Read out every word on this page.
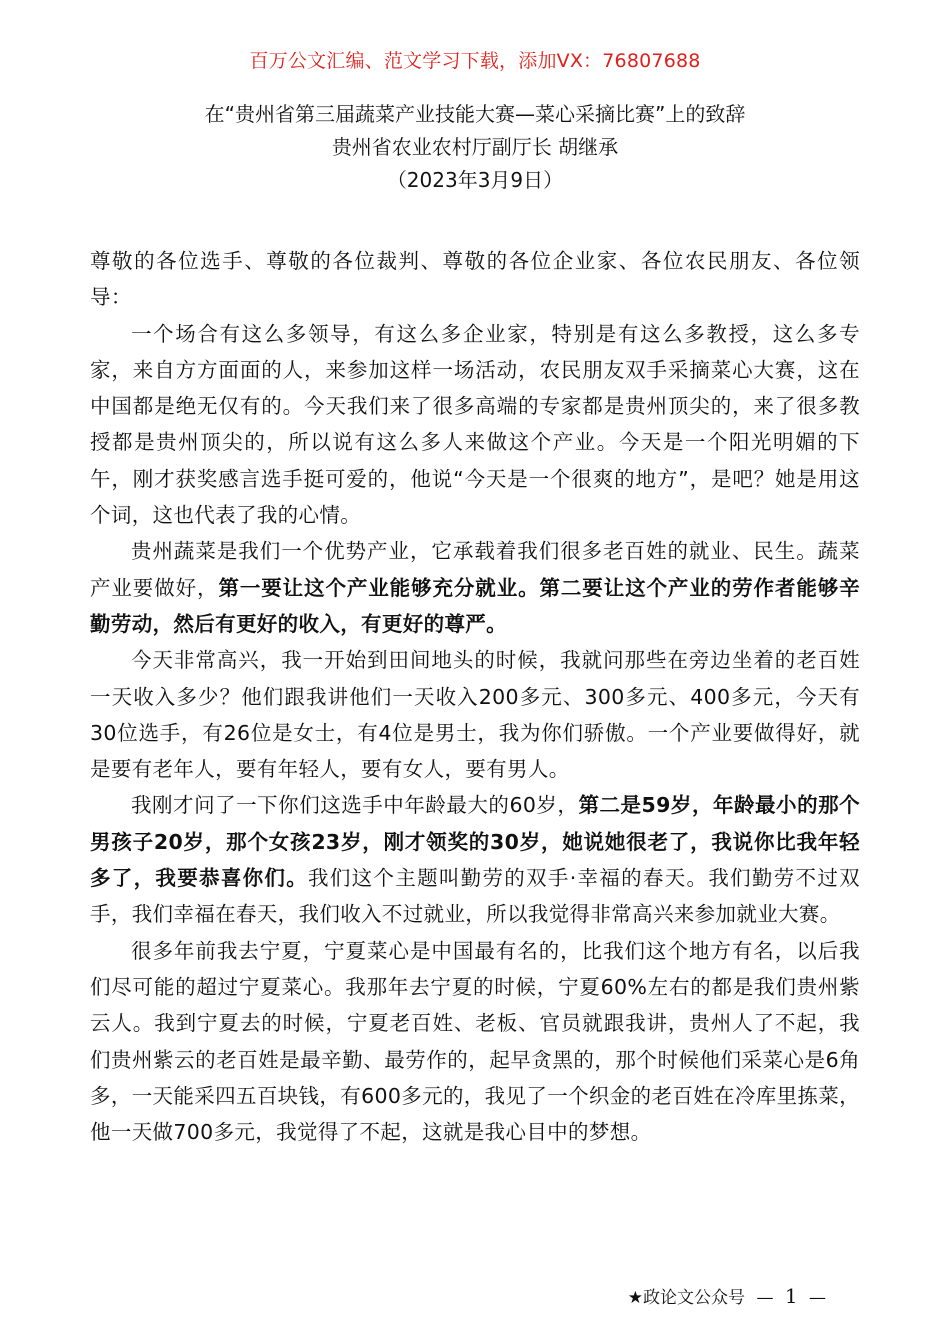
百万公文汇编、范文学习下载，添加VX：76807688
在“贵州省第三届蔬菜产业技能大赛—菜心采摘比赛”上的致辞
贵州省农业农村厅副厅长 胡继承
（2023年3月9日）

尊敬的各位选手、尊敬的各位裁判、尊敬的各位企业家、各位农民朋友、各位领导：

一个场合有这么多领导，有这么多企业家，特别是有这么多教授，这么多专家，来自方方面面的人，来参加这样一场活动，农民朋友双手采摘菜心大赛，这在中国都是绝无仅有的。今天我们来了很多高端的专家都是贵州顶尖的，来了很多教授都是贵州顶尖的，所以说有这么多人来做这个产业。今天是一个阳光明媚的下午，刚才获奖感言选手挺可爱的，他说“今天是一个很爽的地方”，是吧？她是用这个词，这也代表了我的心情。

贵州蔬菜是我们一个优势产业，它承载着我们很多老百姓的就业、民生。蔬菜产业要做好，第一要让这个产业能够充分就业。第二要让这个产业的劳作者能够辛勤劳动，然后有更好的收入，有更好的尊严。

今天非常高兴，我一开始到田间地头的时候，我就问那些在旁边坐着的老百姓一天收入多少？他们跟我讲他们一天收入200多元、300多元、400多元，今天有30位选手，有26位是女士，有4位是男士，我为你们骄傲。一个产业要做得好，就是要有老年人，要有年轻人，要有女人，要有男人。

我刚才问了一下你们这选手中年龄最大的60岁，第二是59岁，年龄最小的那个男孩子20岁，那个女孩23岁，刚才领奖的30岁，她说她很老了，我说你比我年轻多了，我要恭喜你们。我们这个主题叫勤劳的双手·幸福的春天。我们勤劳不过双手，我们幸福在春天，我们收入不过就业，所以我觉得非常高兴来参加就业大赛。

很多年前我去宁夏，宁夏菜心是中国最有名的，比我们这个地方有名，以后我们尽可能的超过宁夏菜心。我那年去宁夏的时候，宁夏60%左右的都是我们贵州紫云人。我到宁夏去的时候，宁夏老百姓、老板、官员就跟我讲，贵州人了不起，我们贵州紫云的老百姓是最辛勤、最劳作的，起早贪黑的，那个时候他们采菜心是6角多，一天能采四五百块钱，有600多元的，我见了一个织金的老百姓在冷库里拣菜，他一天做700多元，我觉得了不起，这就是我心目中的梦想。

★政论文公众号 — 1 —
